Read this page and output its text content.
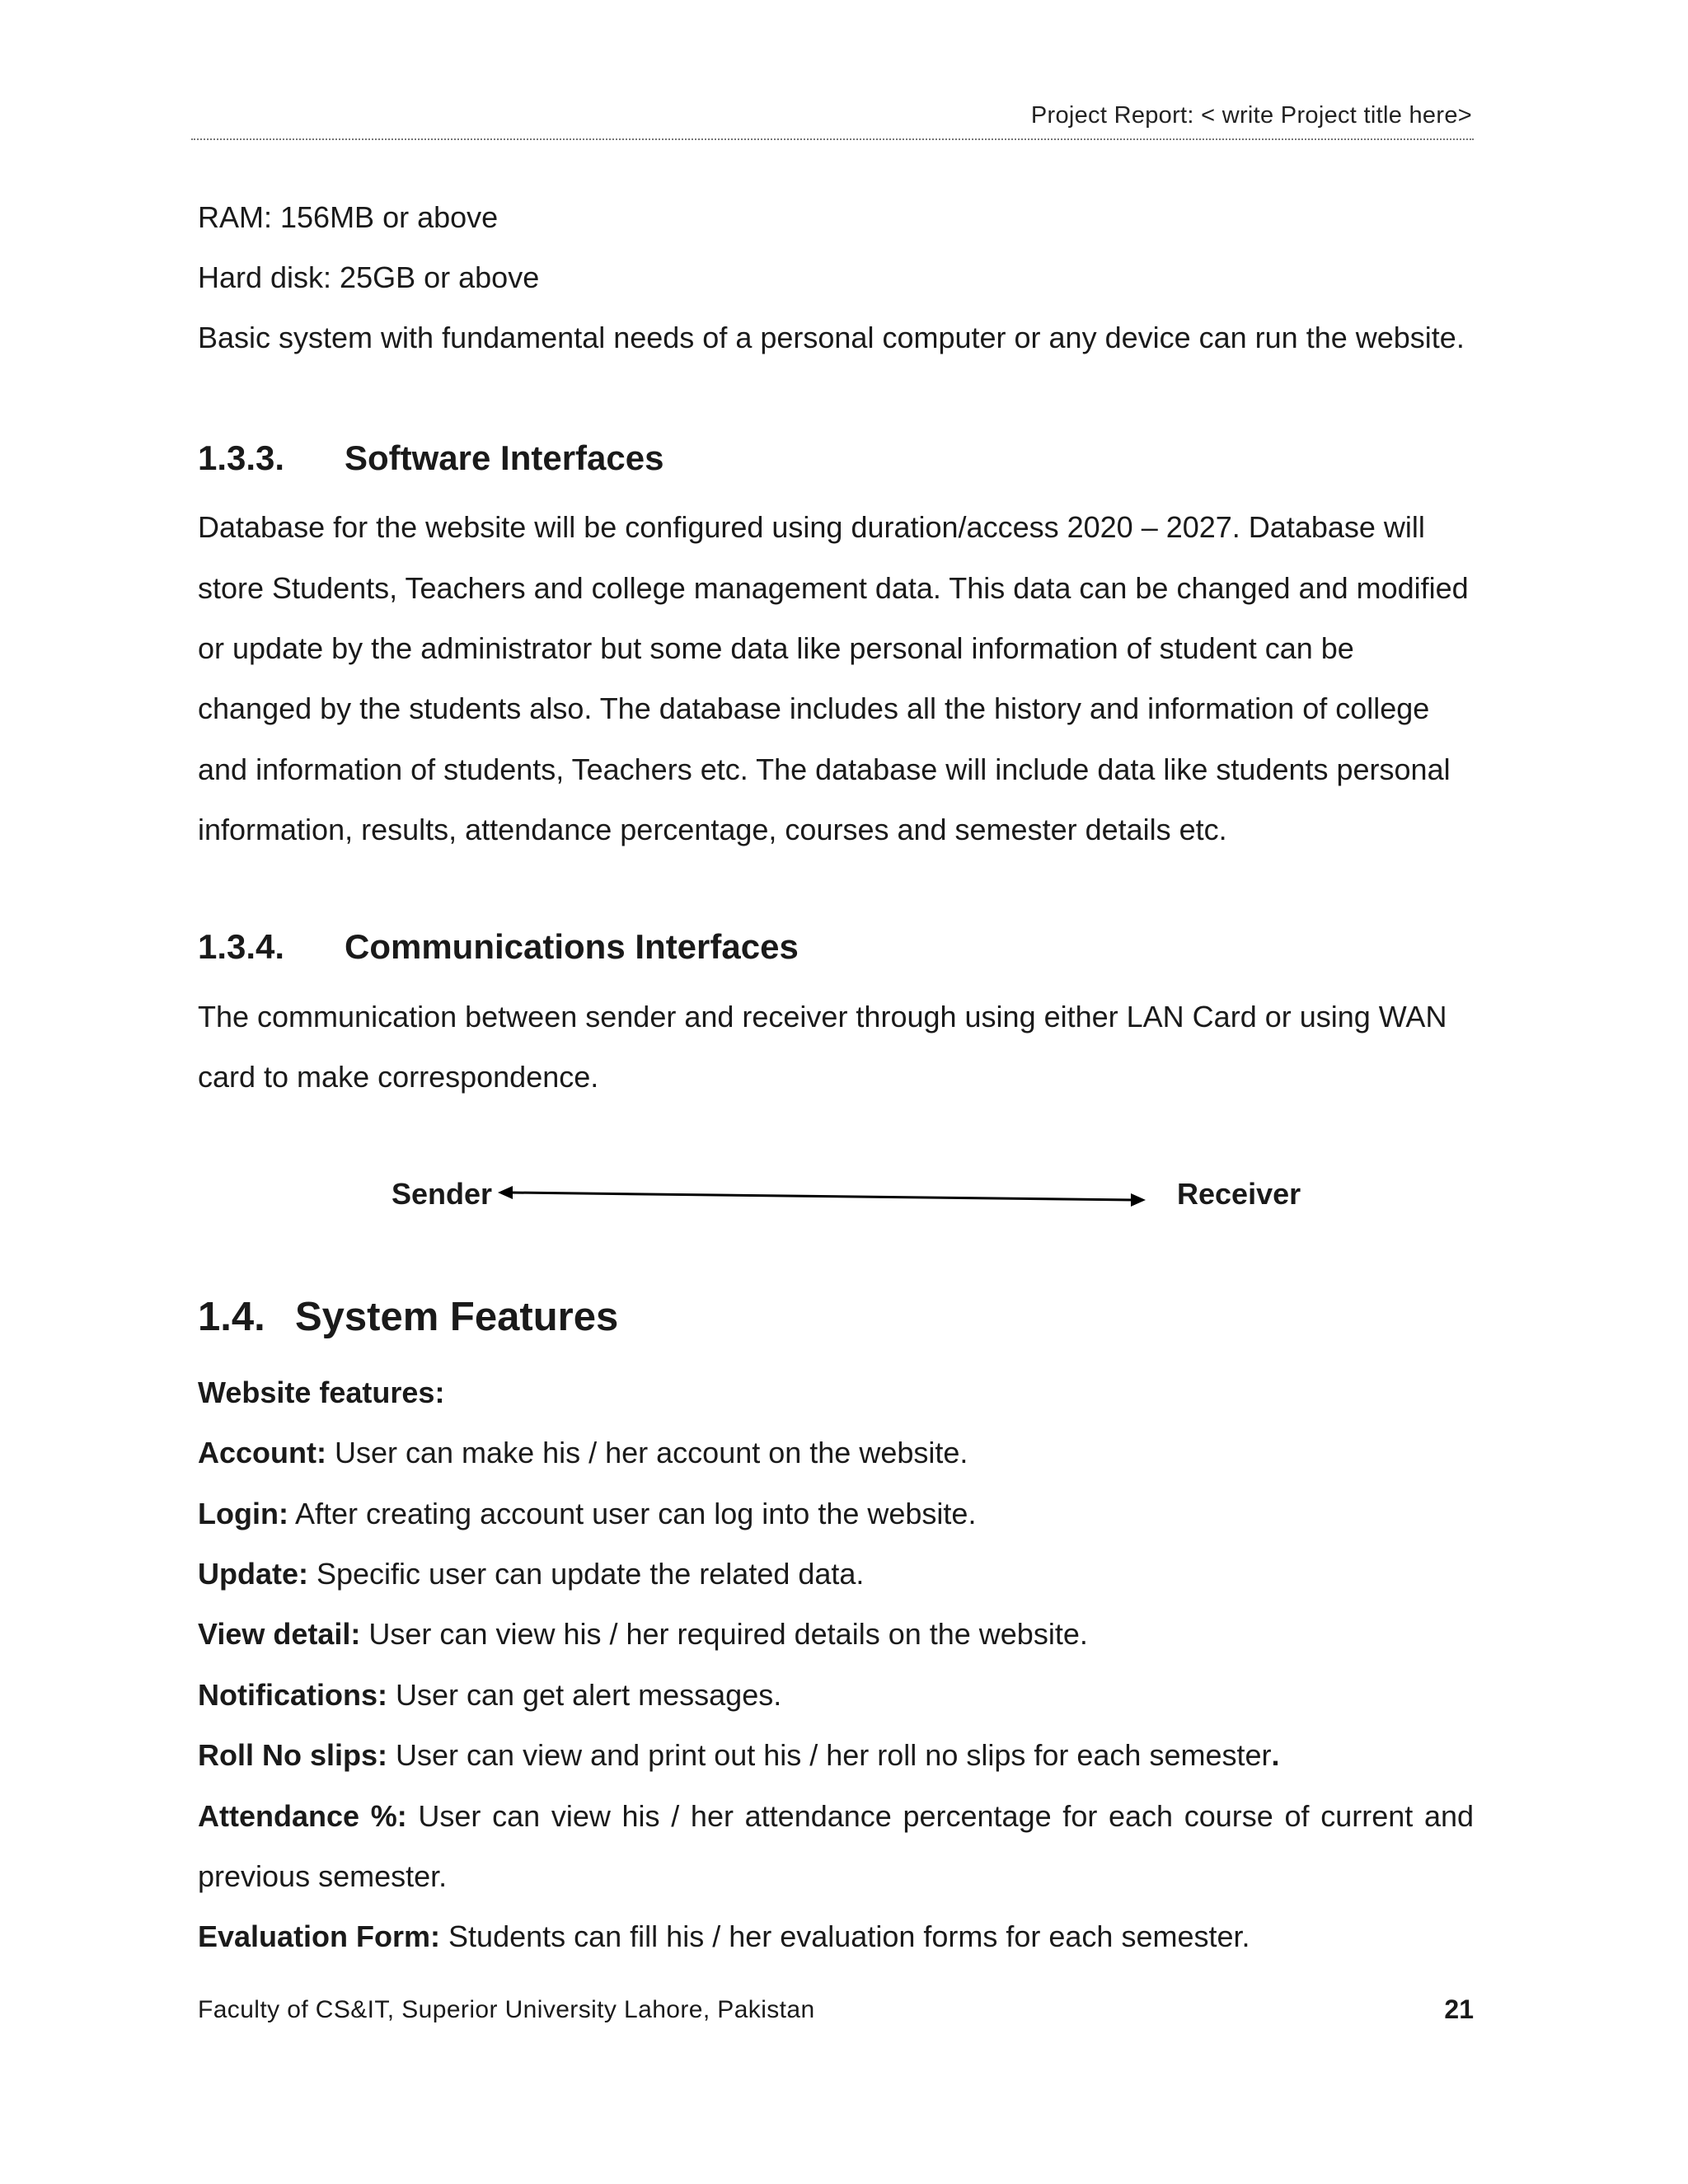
Project Report: < write Project title here>
RAM: 156MB or above
Hard disk: 25GB or above
Basic system with fundamental needs of a personal computer or any device can run the website.
1.3.3. Software Interfaces
Database for the website will be configured using duration/access 2020 – 2027. Database will
store Students, Teachers and college management data. This data can be changed and modified
or update by the administrator but some data like personal information of student can be
changed by the students also. The database includes all the history and information of college
and information of students, Teachers etc. The database will include data like students personal
information, results, attendance percentage, courses and semester details etc.
1.3.4. Communications Interfaces
The communication between sender and receiver through using either LAN Card or using WAN
card to make correspondence.
Sender	Receiver
1.4. System Features
Website features:
Account: User can make his / her account on the website.
Login: After creating account user can log into the website.
Update: Specific user can update the related data.
View detail: User can view his / her required details on the website.
Notifications: User can get alert messages.
Roll No slips: User can view and print out his / her roll no slips for each semester.
Attendance %: User can view his / her attendance percentage for each course of current and
previous semester.
Evaluation Form: Students can fill his / her evaluation forms for each semester.
Faculty of CS&IT, Superior University Lahore, Pakistan	21
